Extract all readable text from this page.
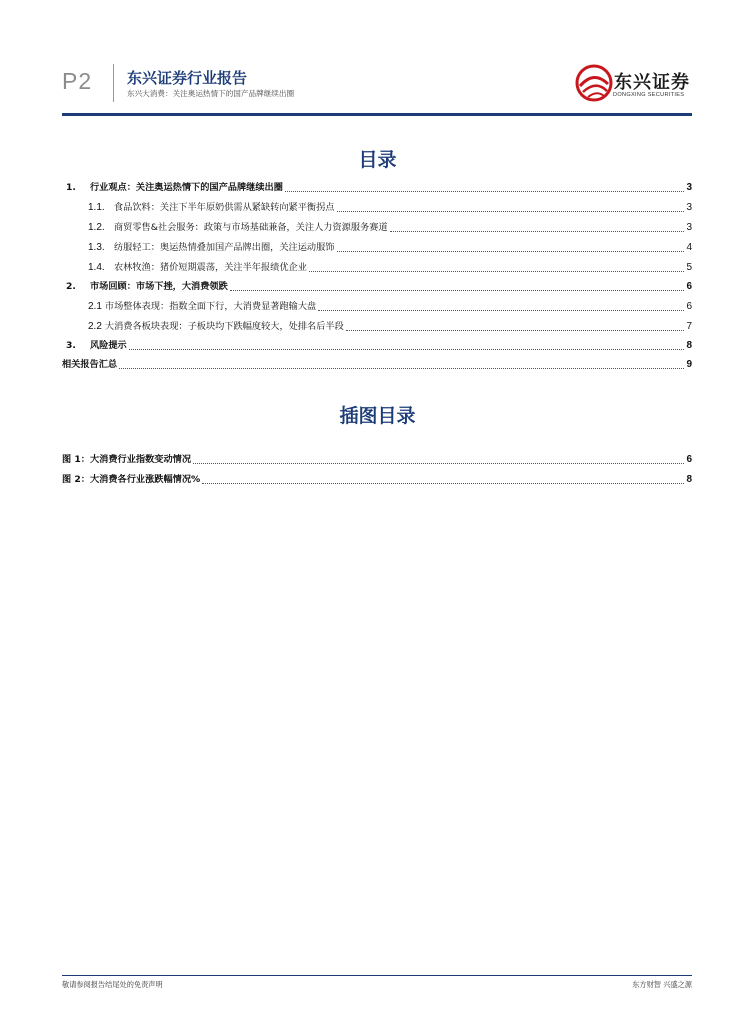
P2 东兴证券行业报告
东兴大消费：关注奥运热情下的国产品牌继续出圈
东兴证券
DONGXING SECURITIES
目录
1.	行业观点：关注奥运热情下的国产品牌继续出圈	3
1.1.	食品饮料：关注下半年原奶供需从紧缺转向紧平衡拐点	3
1.2.	商贸零售&社会服务：政策与市场基础兼备，关注人力资源服务赛道	3
1.3.	纺服轻工：奥运热情叠加国产品牌出圈，关注运动服饰	4
1.4.	农林牧渔：猪价短期震荡，关注半年报绩优企业	5
2.	市场回顾：市场下挫，大消费领跌	6
2.1 市场整体表现：指数全面下行，大消费显著跑输大盘	6
2.2 大消费各板块表现：子板块均下跌幅度较大，处排名后半段	7
3.	风险提示	8
相关报告汇总	9
插图目录
图 1：大消费行业指数变动情况	6
图 2：大消费各行业涨跌幅情况%	8
敬请参阅报告结尾处的免责声明	东方财智 兴盛之源
